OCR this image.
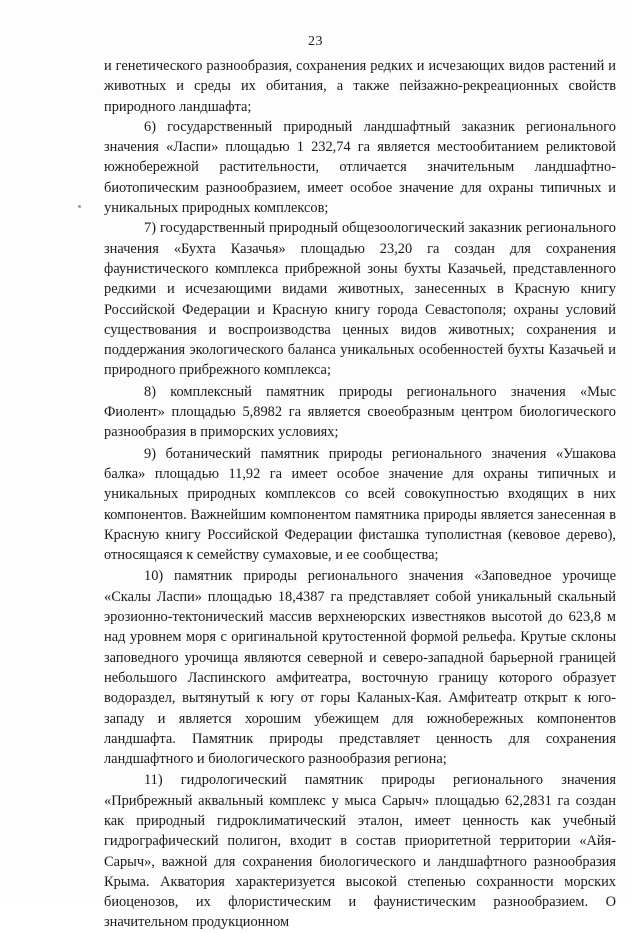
23

и генетического разнообразия, сохранения редких и исчезающих видов растений и животных и среды их обитания, а также пейзажно-рекреационных свойств природного ландшафта;

6) государственный природный ландшафтный заказник регионального значения «Ласпи» площадью 1 232,74 га является местообитанием реликтовой южнобережной растительности, отличается значительным ландшафтно-биотопическим разнообразием, имеет особое значение для охраны типичных и уникальных природных комплексов;

7) государственный природный общезоологический заказник регионального значения «Бухта Казачья» площадью 23,20 га создан для сохранения фаунистического комплекса прибрежной зоны бухты Казачьей, представленного редкими и исчезающими видами животных, занесенных в Красную книгу Российской Федерации и Красную книгу города Севастополя; охраны условий существования и воспроизводства ценных видов животных; сохранения и поддержания экологического баланса уникальных особенностей бухты Казачьей и природного прибрежного комплекса;

8) комплексный памятник природы регионального значения «Мыс Фиолент» площадью 5,8982 га является своеобразным центром биологического разнообразия в приморских условиях;

9) ботанический памятник природы регионального значения «Ушакова балка» площадью 11,92 га имеет особое значение для охраны типичных и уникальных природных комплексов со всей совокупностью входящих в них компонентов. Важнейшим компонентом памятника природы является занесенная в Красную книгу Российской Федерации фисташка туполистная (кевовое дерево), относящаяся к семейству сумаховые, и ее сообщества;

10) памятник природы регионального значения «Заповедное урочище «Скалы Ласпи» площадью 18,4387 га представляет собой уникальный скальный эрозионно-тектонический массив верхнеюрских известняков высотой до 623,8 м над уровнем моря с оригинальной крутостенной формой рельефа. Крутые склоны заповедного урочища являются северной и северо-западной барьерной границей небольшого Ласпинского амфитеатра, восточную границу которого образует водораздел, вытянутый к югу от горы Каланых-Кая. Амфитеатр открыт к юго-западу и является хорошим убежищем для южнобережных компонентов ландшафта. Памятник природы представляет ценность для сохранения ландшафтного и биологического разнообразия региона;

11) гидрологический памятник природы регионального значения «Прибрежный аквальный комплекс у мыса Сарыч» площадью 62,2831 га создан как природный гидроклиматический эталон, имеет ценность как учебный гидрографический полигон, входит в состав приоритетной территории «Айя-Сарыч», важной для сохранения биологического и ландшафтного разнообразия Крыма. Акватория характеризуется высокой степенью сохранности морских биоценозов, их флористическим и фаунистическим разнообразием. О значительном продукционном
